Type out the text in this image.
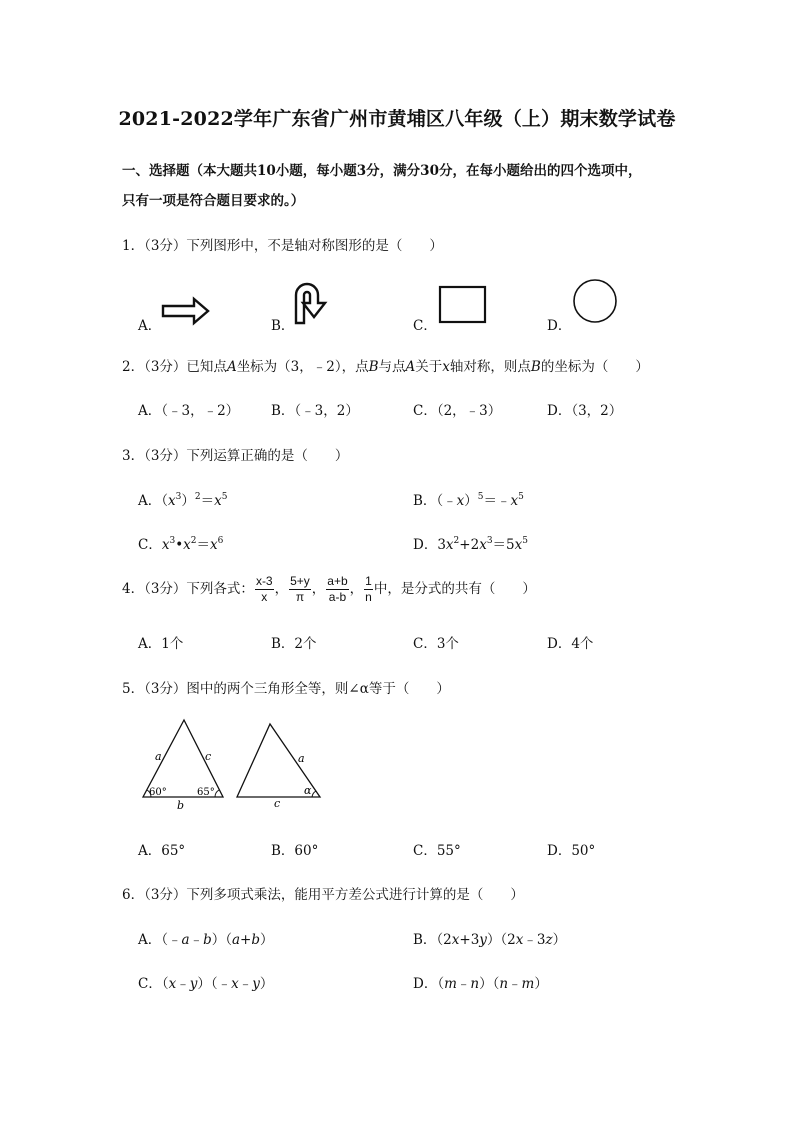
2021-2022学年广东省广州市黄埔区八年级（上）期末数学试卷
一、选择题（本大题共10小题，每小题3分，满分30分，在每小题给出的四个选项中，
只有一项是符合题目要求的。）
1．（3分）下列图形中，不是轴对称图形的是（　　）
A．	B．	C．	D．
2．（3分）已知点A坐标为（3，﹣2），点B与点A关于x轴对称，则点B的坐标为（　　）
A．（﹣3，﹣2） B．（﹣3，2）	C．（2，﹣3）	D．（3，2）
3．（3分）下列运算正确的是（　　）
A．$(x^3)^2=x^5$	B．$(﹣x)^5=﹣x^5$
C．$x^3•x^2=x^6$	D．$3x^2+2x^3=5x^5$
4．（3分）下列各式： $\frac{x-3}{x}$ ， $\frac{5+y}{\pi}$ ， $\frac{a+b}{a-b}$ ， $\frac{1}{n}$ 中，是分式的共有（　　）
A．1个	B．2个	C．3个	D．4个
5．（3分）图中的两个三角形全等，则∠α等于（　　）
a	c
b
60°	65°
a
c
α
A．65°	B．60°	C．55°	D．50°
6．（3分）下列多项式乘法，能用平方差公式进行计算的是（　　）
A．（﹣a﹣b）（a+b）	B．（2x+3y）（2x﹣3z）
C．（x﹣y）（﹣x﹣y）	D．（m﹣n）（n﹣m）
